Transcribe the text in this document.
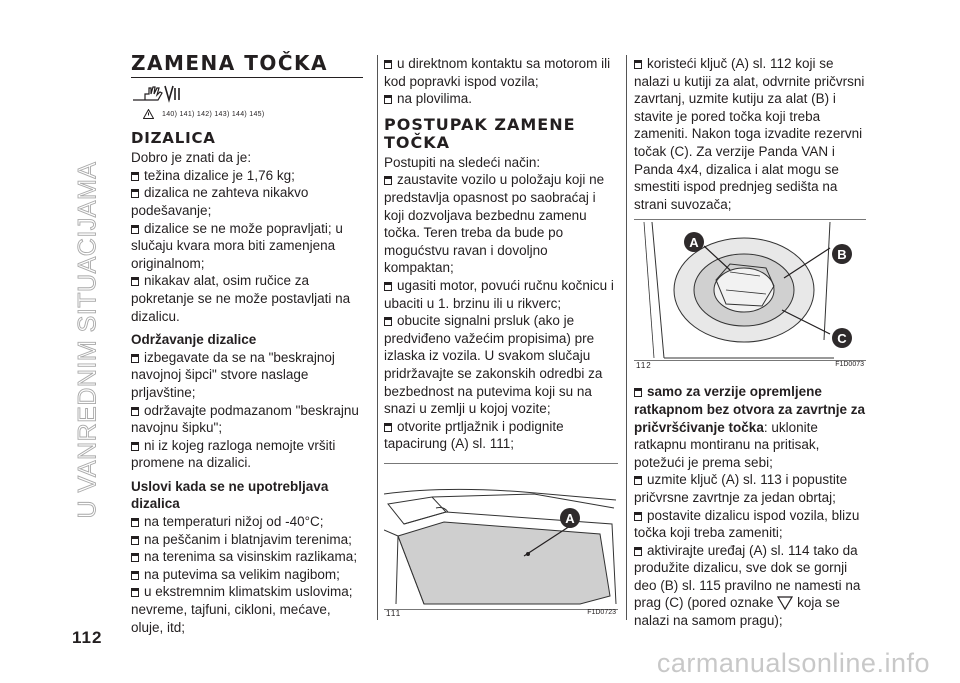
U VANREDNIM SITUACIJAMA
112
carmanualsonline.info
ZAMENA TOČKA
140) 141) 142) 143) 144) 145)
DIZALICA

Dobro je znati da je:

težina dizalice je 1,76 kg;

dizalica ne zahteva nikakvo podešavanje;

dizalice se ne može popravljati; u slučaju kvara mora biti zamenjena originalnom;

nikakav alat, osim ručice za pokretanje se ne može postavljati na dizalicu.

Održavanje dizalice

izbegavate da se na "beskrajnoj navojnoj šipci" stvore naslage prljavštine;

održavajte podmazanom "beskrajnu navojnu šipku";

ni iz kojeg razloga nemojte vršiti promene na dizalici.

Uslovi kada se ne upotrebljava dizalica

na temperaturi nižoj od -40°C;

na peščanim i blatnjavim terenima;

na terenima sa visinskim razlikama;

na putevima sa velikim nagibom;

u ekstremnim klimatskim uslovima; nevreme, tajfuni, cikloni, mećave, oluje, itd;

u direktnom kontaktu sa motorom ili kod popravki ispod vozila;

na plovilima.

POSTUPAK ZAMENE TOČKA

Postupiti na sledeći način:

zaustavite vozilo u položaju koji ne predstavlja opasnost po saobraćaj i koji dozvoljava bezbednu zamenu točka. Teren treba da bude po mogućstvu ravan i dovoljno kompaktan;

ugasiti motor, povući ručnu kočnicu i ubaciti u 1. brzinu ili u rikverc;

obucite signalni prsluk (ako je predviđeno važećim propisima) pre izlaska iz vozila. U svakom slučaju pridržavajte se zakonskih odredbi za bezbednost na putevima koji su na snazi u zemlji u kojoj vozite;

otvorite prtljažnik i podignite tapacirung (A) sl. 111;

A
111	F1D0723

koristeći ključ (A) sl. 112 koji se nalazi u kutiji za alat, odvrnite pričvrsni zavrtanj, uzmite kutiju za alat (B) i stavite je pored točka koji treba zameniti. Nakon toga izvadite rezervni točak (C). Za verzije Panda VAN i Panda 4x4, dizalica i alat mogu se smestiti ispod prednjeg sedišta na strani suvozača;

A
B
C
112	F1D0073

samo za verzije opremljene ratkapnom bez otvora za zavrtnje za pričvršćivanje točka: uklonite ratkapnu montiranu na pritisak, potežući je prema sebi;

uzmite ključ (A) sl. 113 i popustite pričvrsne zavrtnje za jedan obrtaj;

postavite dizalicu ispod vozila, blizu točka koji treba zameniti;

aktivirajte uređaj (A) sl. 114 tako da produžite dizalicu, sve dok se gornji deo (B) sl. 115 pravilno ne namesti na prag (C) (pored oznake koja se nalazi na samom pragu);
